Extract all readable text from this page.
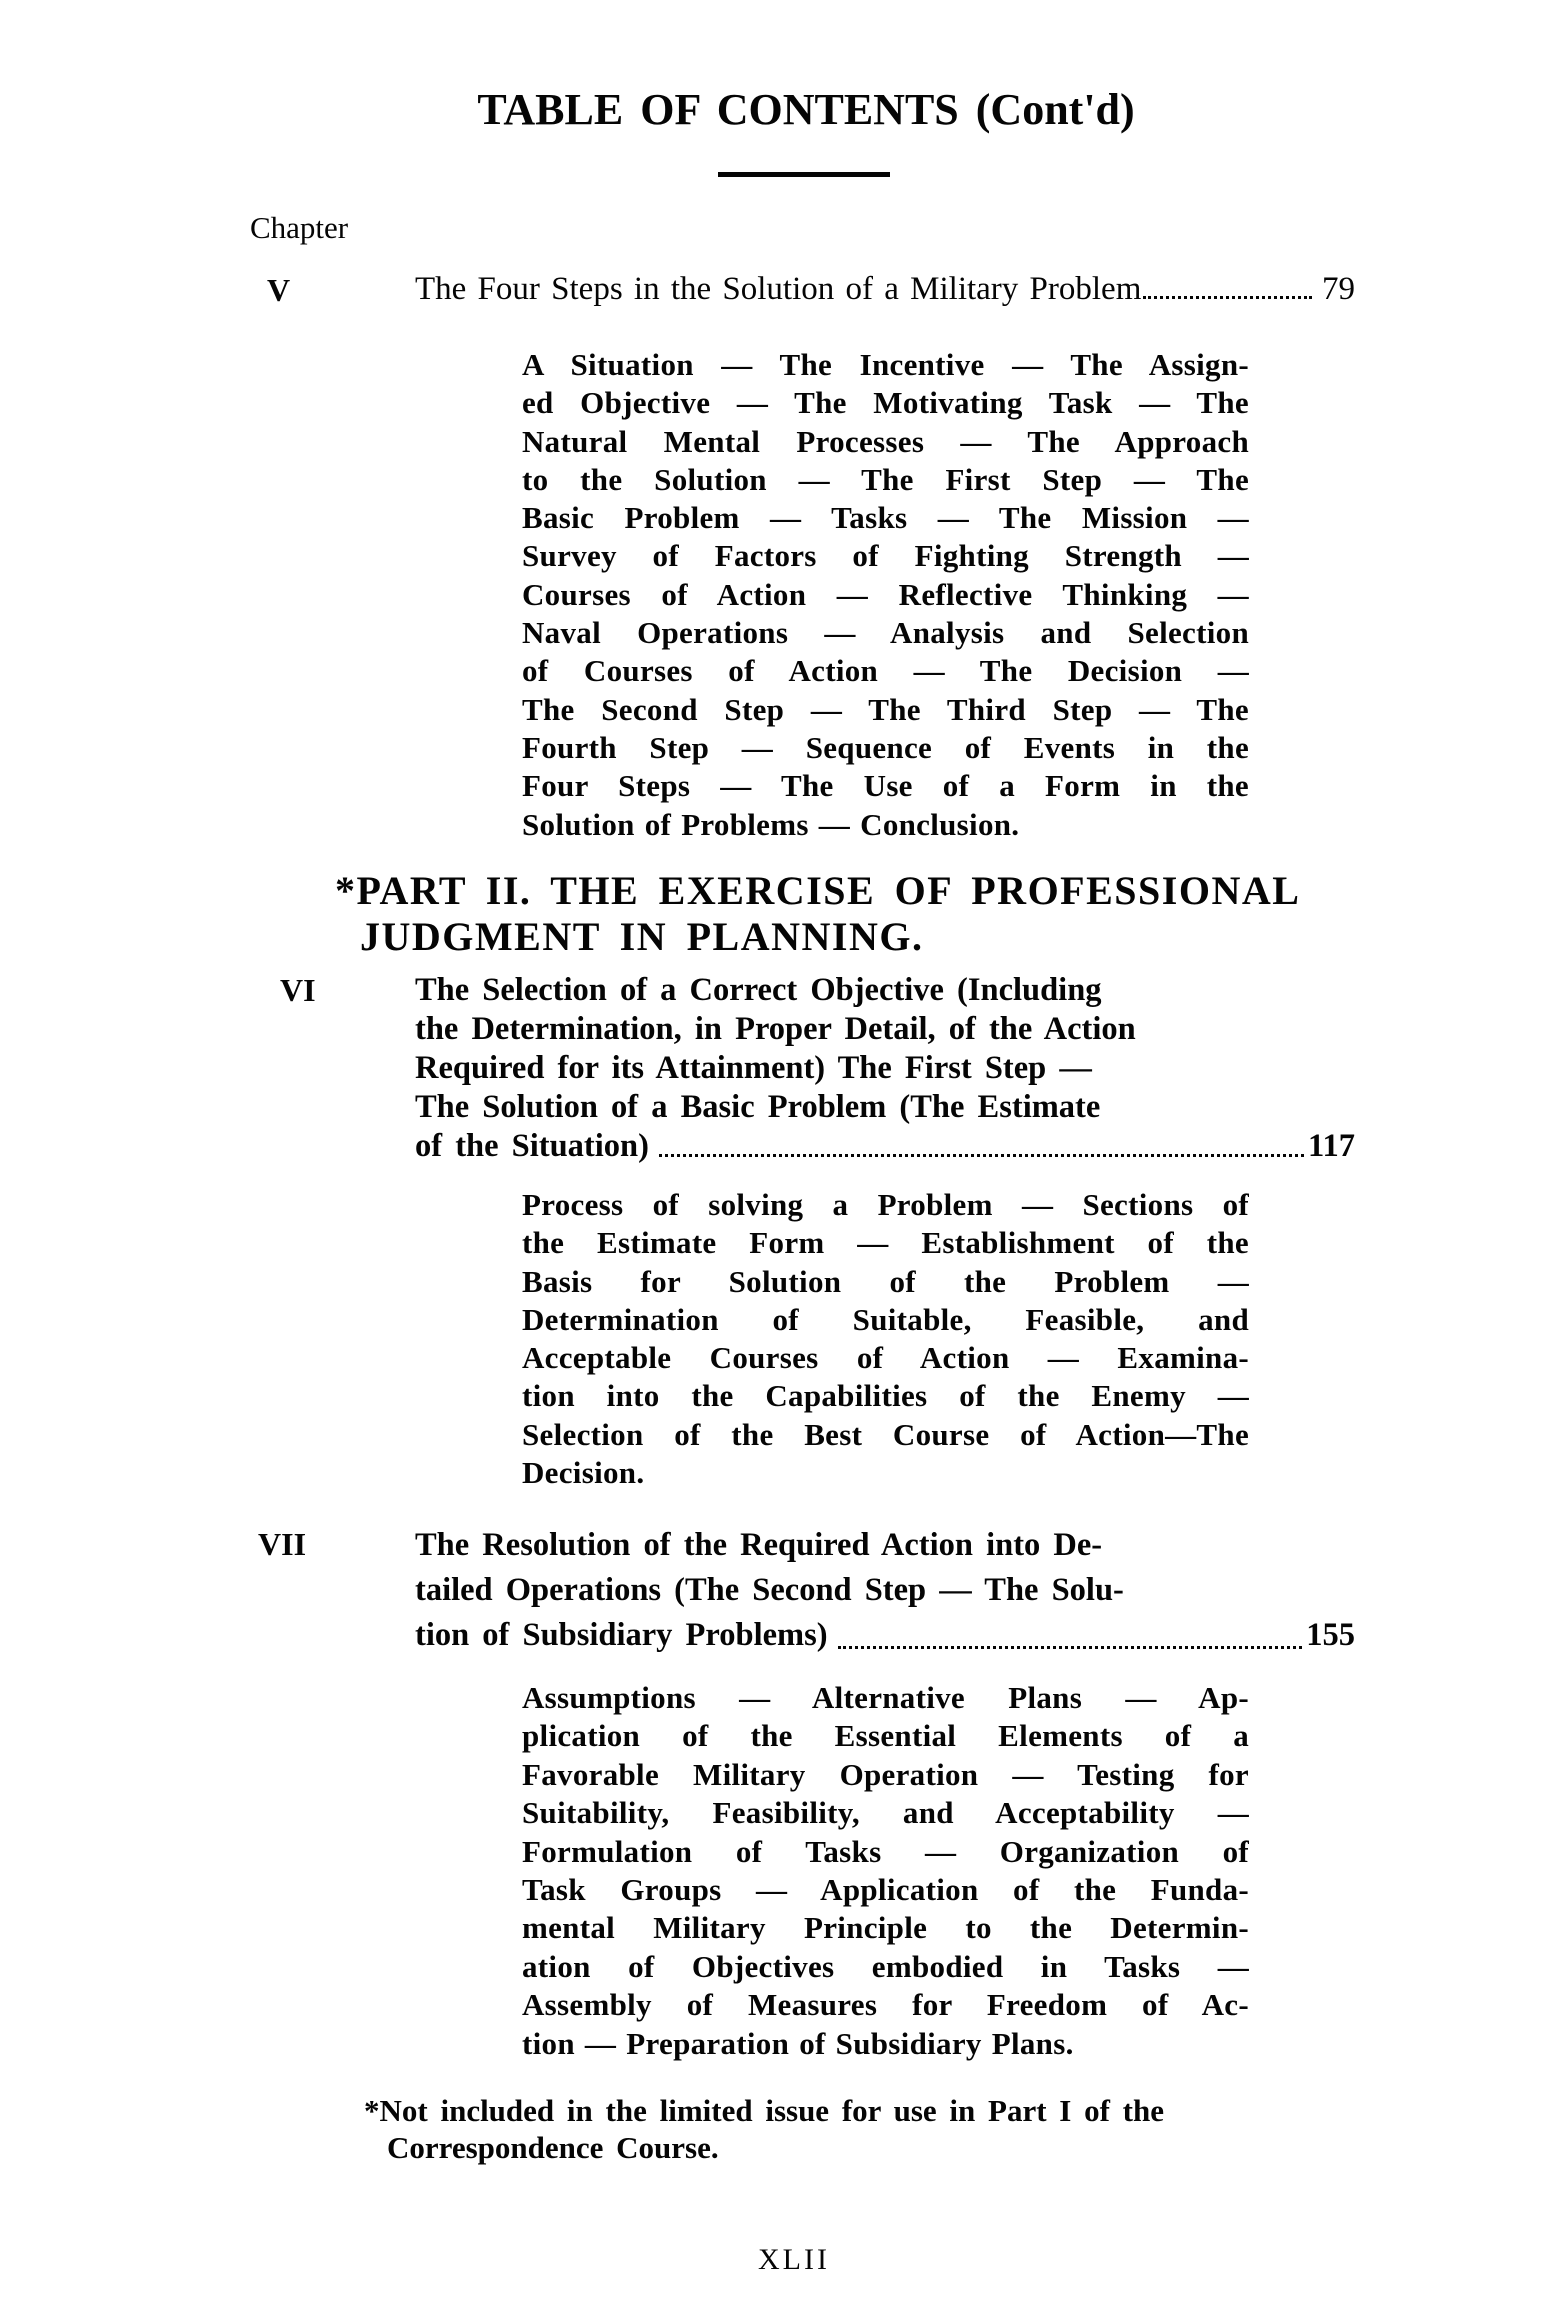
TABLE OF CONTENTS (Cont'd)
Chapter
V	The Four Steps in the Solution of a Military Problem	79
A Situation — The Incentive — The Assign-
ed Objective — The Motivating Task — The
Natural Mental Processes — The Approach
to the Solution — The First Step — The
Basic Problem — Tasks — The Mission —
Survey of Factors of Fighting Strength —
Courses of Action — Reflective Thinking —
Naval Operations — Analysis and Selection
of Courses of Action — The Decision —
The Second Step — The Third Step — The
Fourth Step — Sequence of Events in the
Four Steps — The Use of a Form in the
Solution of Problems — Conclusion.
*PART II. THE EXERCISE OF PROFESSIONAL
JUDGMENT IN PLANNING.
VI	The Selection of a Correct Objective (Including
the Determination, in Proper Detail, of the Action
Required for its Attainment) The First Step —
The Solution of a Basic Problem (The Estimate
of the Situation)	117
Process of solving a Problem — Sections of
the Estimate Form — Establishment of the
Basis for Solution of the Problem —
Determination of Suitable, Feasible, and
Acceptable Courses of Action — Examina-
tion into the Capabilities of the Enemy —
Selection of the Best Course of Action—The
Decision.
VII	The Resolution of the Required Action into De-
tailed Operations (The Second Step — The Solu-
tion of Subsidiary Problems)	155
Assumptions — Alternative Plans — Ap-
plication of the Essential Elements of a
Favorable Military Operation — Testing for
Suitability, Feasibility, and Acceptability —
Formulation of Tasks — Organization of
Task Groups — Application of the Funda-
mental Military Principle to the Determin-
ation of Objectives embodied in Tasks —
Assembly of Measures for Freedom of Ac-
tion — Preparation of Subsidiary Plans.
*Not included in the limited issue for use in Part I of the
Correspondence Course.
XLII
